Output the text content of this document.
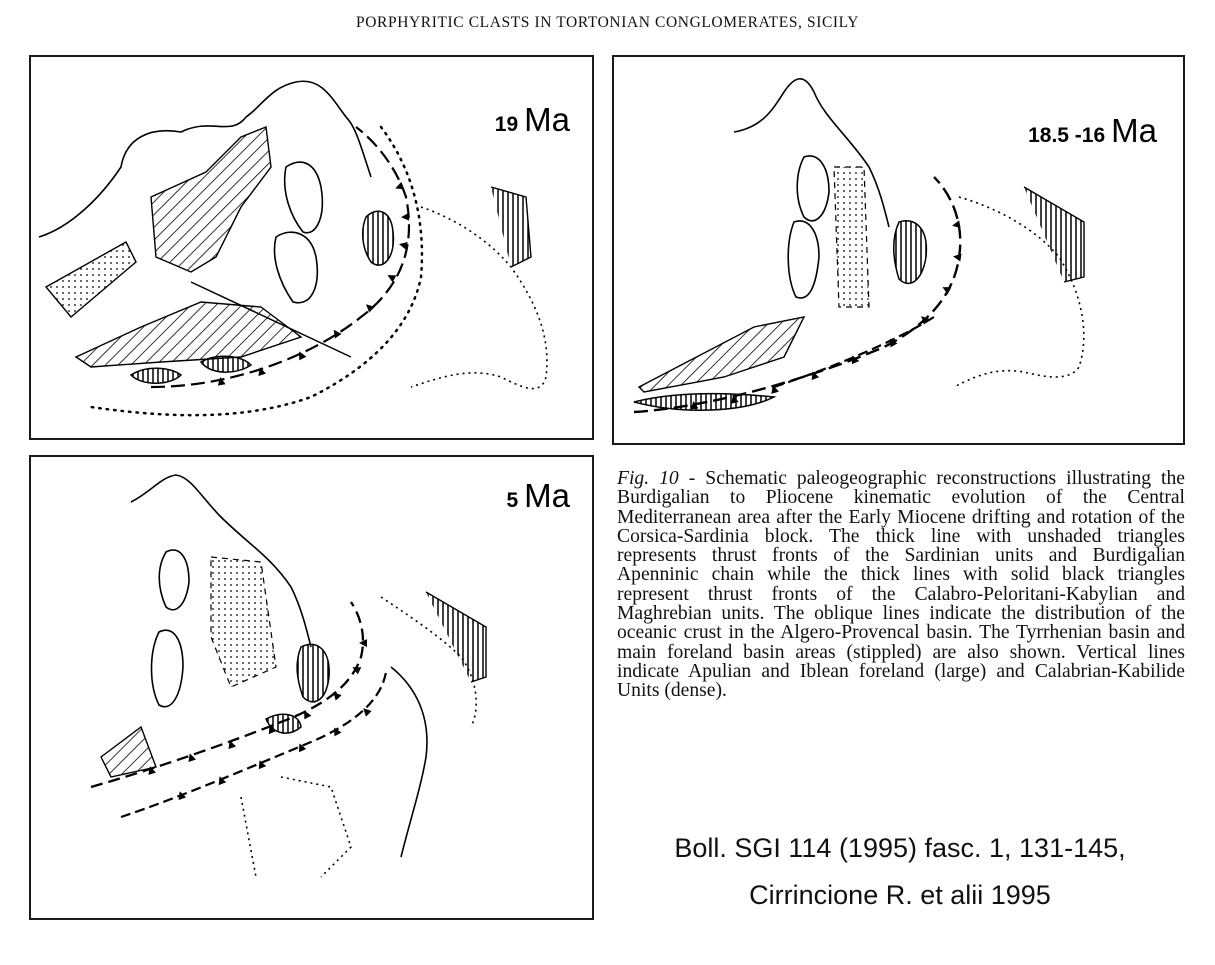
PORPHYRITIC CLASTS IN TORTONIAN CONGLOMERATES, SICILY
19 Ma	18.5 -16 Ma
5 Ma Fig. 10 - Schematic paleogeographic reconstructions illustrating the Burdigalian to Pliocene kinematic evolution of the Central Mediterranean area after the Early Miocene drifting and rotation of the Corsica-Sardinia block. The thick line with unshaded triangles represents thrust fronts of the Sardinian units and Burdigalian Apenninic chain while the thick lines with solid black triangles represent thrust fronts of the Calabro-Peloritani-Kabylian and Maghrebian units. The oblique lines indicate the distribution of the oceanic crust in the Algero-Provencal basin. The Tyrrhenian basin and main foreland basin areas (stippled) are also shown. Vertical lines indicate Apulian and Iblean foreland (large) and Calabrian-Kabilide Units (dense).
Boll. SGI 114 (1995) fasc. 1, 131-145,
Cirrincione R. et alii 1995
